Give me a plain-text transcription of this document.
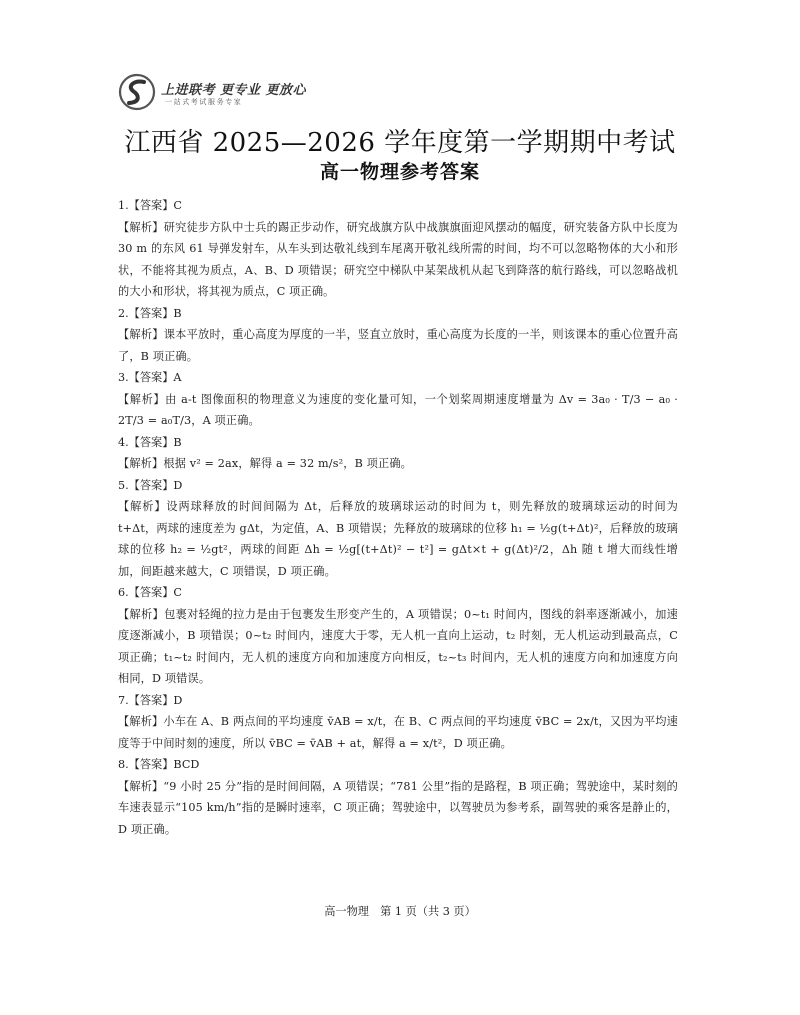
上进联考 更专业 更放心
一站式考试服务专家
江西省 2025—2026 学年度第一学期期中考试
高一物理参考答案
1.【答案】C
【解析】研究徒步方队中士兵的踢正步动作，研究战旗方队中战旗旗面迎风摆动的幅度，研究装备方队中长度为 30 m 的东风 61 导弹发射车，从车头到达敬礼线到车尾离开敬礼线所需的时间，均不可以忽略物体的大小和形状，不能将其视为质点，A、B、D 项错误；研究空中梯队中某架战机从起飞到降落的航行路线，可以忽略战机的大小和形状，将其视为质点，C 项正确。
2.【答案】B
【解析】课本平放时，重心高度为厚度的一半，竖直立放时，重心高度为长度的一半，则该课本的重心位置升高了，B 项正确。
3.【答案】A
【解析】由 a-t 图像面积的物理意义为速度的变化量可知，一个划桨周期速度增量为 Δv = 3a₀ · T/3 − a₀ · 2T/3 = a₀T/3，A 项正确。
4.【答案】B
【解析】根据 v² = 2ax，解得 a = 32 m/s²，B 项正确。
5.【答案】D
【解析】设两球释放的时间间隔为 Δt，后释放的玻璃球运动的时间为 t，则先释放的玻璃球运动的时间为 t+Δt，两球的速度差为 gΔt，为定值，A、B 项错误；先释放的玻璃球的位移 h₁ = ½g(t+Δt)²，后释放的玻璃球的位移 h₂ = ½gt²，两球的间距 Δh = ½g[(t+Δt)² − t²] = gΔt×t + g(Δt)²/2，Δh 随 t 增大而线性增加，间距越来越大，C 项错误，D 项正确。
6.【答案】C
【解析】包裹对轻绳的拉力是由于包裹发生形变产生的，A 项错误；0~t₁ 时间内，图线的斜率逐渐减小，加速度逐渐减小，B 项错误；0~t₂ 时间内，速度大于零，无人机一直向上运动，t₂ 时刻，无人机运动到最高点，C 项正确；t₁~t₂ 时间内，无人机的速度方向和加速度方向相反，t₂~t₃ 时间内，无人机的速度方向和加速度方向相同，D 项错误。
7.【答案】D
【解析】小车在 A、B 两点间的平均速度 v̄AB = x/t，在 B、C 两点间的平均速度 v̄BC = 2x/t，又因为平均速度等于中间时刻的速度，所以 v̄BC = v̄AB + at，解得 a = x/t²，D 项正确。
8.【答案】BCD
【解析】“9 小时 25 分”指的是时间间隔，A 项错误；“781 公里”指的是路程，B 项正确；驾驶途中，某时刻的车速表显示“105 km/h”指的是瞬时速率，C 项正确；驾驶途中，以驾驶员为参考系，副驾驶的乘客是静止的，D 项正确。
高一物理　第 1 页（共 3 页）
